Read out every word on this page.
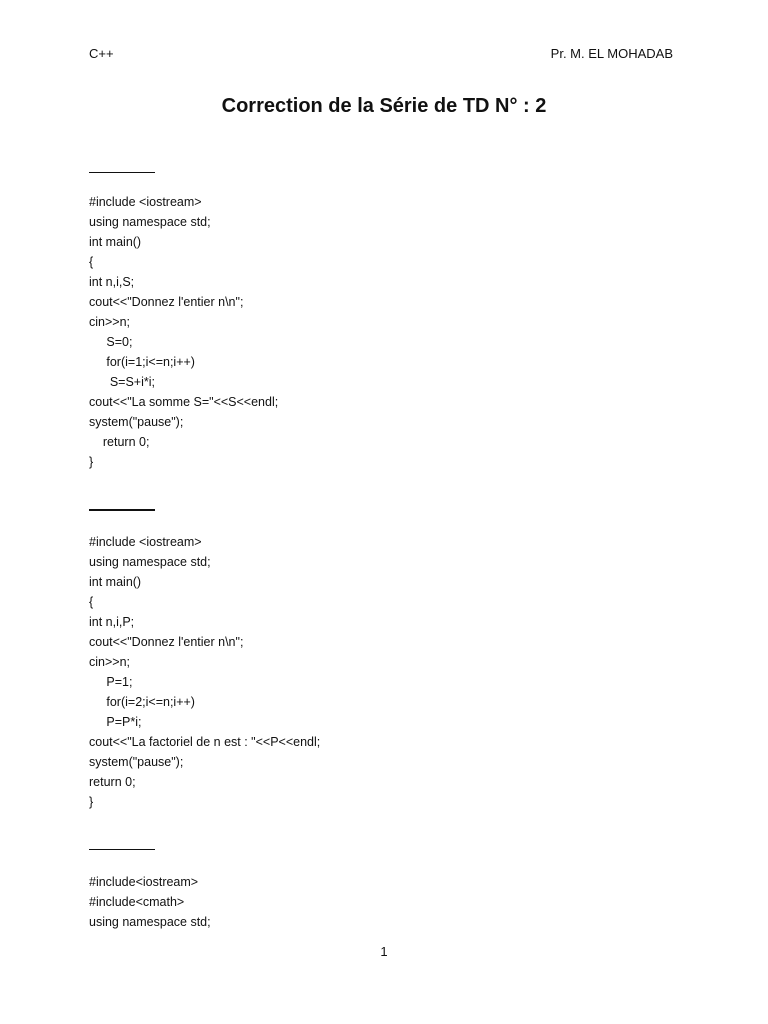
C++	Pr. M. EL MOHADAB
Correction de la Série de TD N° : 2
#include <iostream>
using namespace std;
int main()
{
int n,i,S;
cout<<"Donnez l'entier n\n";
cin>>n;
S=0;
for(i=1;i<=n;i++)
S=S+i*i;
cout<<"La somme S="<<S<<endl;
system("pause");
return 0;
}
#include <iostream>
using namespace std;
int main()
{
int n,i,P;
cout<<"Donnez l'entier n\n";
cin>>n;
P=1;
for(i=2;i<=n;i++)
P=P*i;
cout<<"La factoriel de n est : "<<P<<endl;
system("pause");
return 0;
}
#include<iostream>
#include<cmath>
using namespace std;
1
